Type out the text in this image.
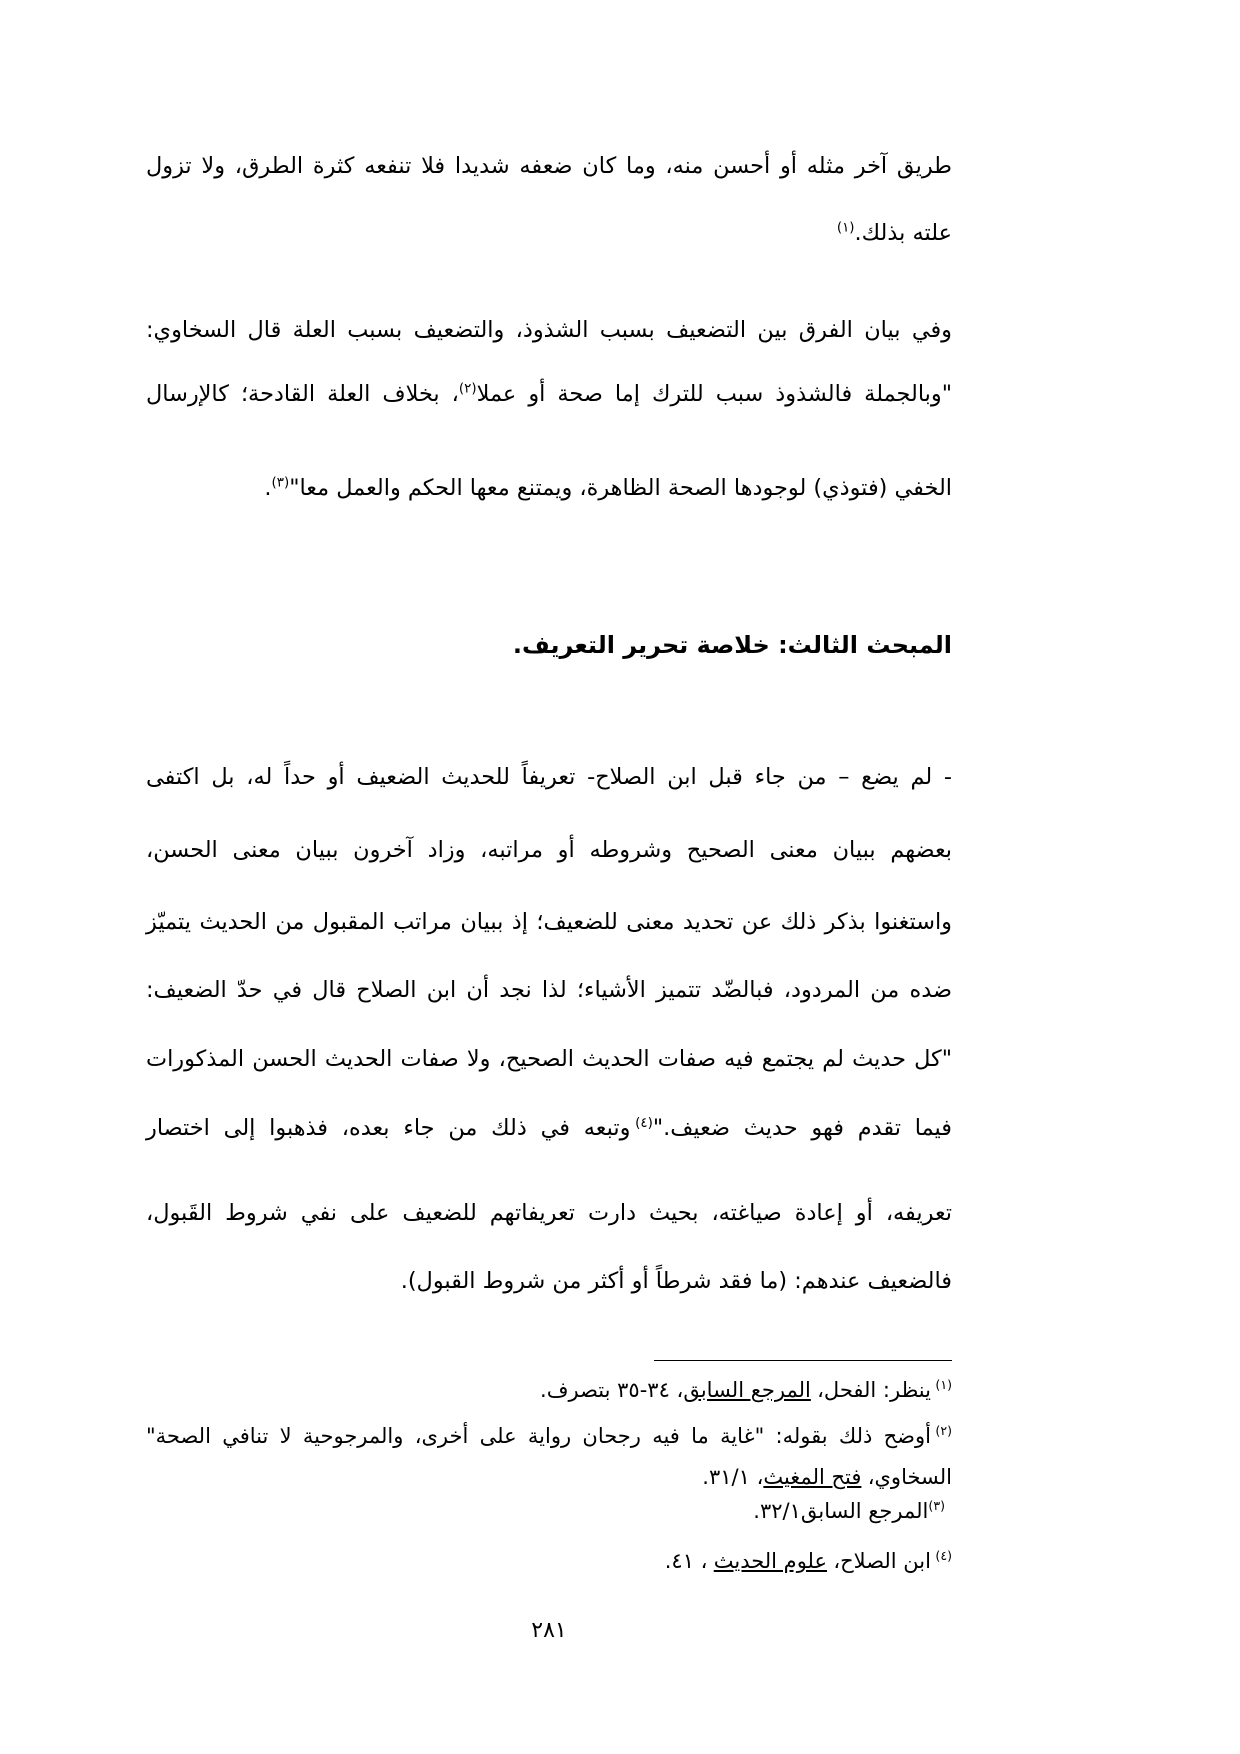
طريق آخر مثله أو أحسن منه، وما كان ضعفه شديدا فلا تنفعه كثرة الطرق، ولا تزول
علته بذلك.$^{(١)}$
وفي بيان الفرق بين التضعيف بسبب الشذوذ، والتضعيف بسبب العلة قال السخاوي:
"وبالجملة فالشذوذ سبب للترك إما صحة أو عملا$^{(٢)}$، بخلاف العلة القادحة؛ كالإرسال
الخفي (فتوذي) لوجودها الصحة الظاهرة، ويمتنع معها الحكم والعمل معا"$^{(٣)}$.
المبحث الثالث: خلاصة تحرير التعريف.
- لم يضع – من جاء قبل ابن الصلاح- تعريفاً للحديث الضعيف أو حداً له، بل اكتفى
بعضهم ببيان معنى الصحيح وشروطه أو مراتبه، وزاد آخرون ببيان معنى الحسن،
واستغنوا بذكر ذلك عن تحديد معنى للضعيف؛ إذ ببيان مراتب المقبول من الحديث يتميّز
ضده من المردود، فبالضّد تتميز الأشياء؛ لذا نجد أن ابن الصلاح قال في حدّ الضعيف:
"كل حديث لم يجتمع فيه صفات الحديث الصحيح، ولا صفات الحديث الحسن المذكورات
فيما تقدم فهو حديث ضعيف."$^{(٤)}$وتبعه في ذلك من جاء بعده، فذهبوا إلى اختصار
تعريفه، أو إعادة صياغته، بحيث دارت تعريفاتهم للضعيف على نفي شروط القَبول،
فالضعيف عندهم: (ما فقد شرطاً أو أكثر من شروط القبول).
$^{(١)}$ينظر: الفحل،المرجع السابق، ٣٤-٣٥ بتصرف.
$^{(٢)}$أوضح ذلك بقوله: "غاية ما فيه رجحان رواية على أخرى، والمرجوحية لا تنافي الصحة"
السخاوي،فتح المغيث، ٣١/١.
$^{(٣)}$المرجع السابق٣٢/١.
$^{(٤)}$ابن الصلاح،علوم الحديث، ٤١.
٢٨١
